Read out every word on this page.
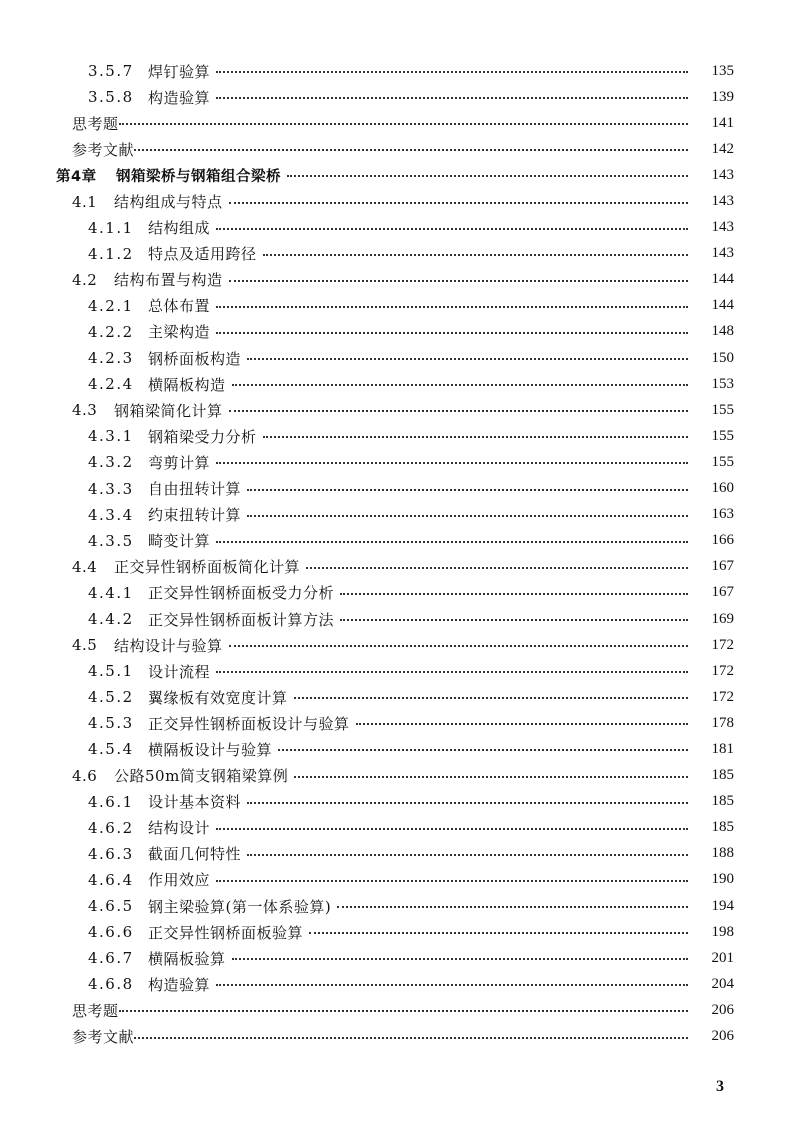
3.5.7 焊钉验算	135
3.5.8 构造验算	139
思考题	141
参考文献	142
第4章	钢箱梁桥与钢箱组合梁桥	143
4.1	结构组成与特点	143
4.1.1 结构组成	143
4.1.2 特点及适用跨径	143
4.2	结构布置与构造	144
4.2.1 总体布置	144
4.2.2 主梁构造	148
4.2.3 钢桥面板构造	150
4.2.4 横隔板构造	153
4.3	钢箱梁简化计算	155
4.3.1 钢箱梁受力分析	155
4.3.2 弯剪计算	155
4.3.3 自由扭转计算	160
4.3.4 约束扭转计算	163
4.3.5 畸变计算	166
4.4	正交异性钢桥面板简化计算	167
4.4.1 正交异性钢桥面板受力分析	167
4.4.2 正交异性钢桥面板计算方法	169
4.5	结构设计与验算	172
4.5.1 设计流程	172
4.5.2 翼缘板有效宽度计算	172
4.5.3 正交异性钢桥面板设计与验算	178
4.5.4 横隔板设计与验算	181
4.6	公路50m简支钢箱梁算例	185
4.6.1 设计基本资料	185
4.6.2 结构设计	185
4.6.3 截面几何特性	188
4.6.4 作用效应	190
4.6.5 钢主梁验算(第一体系验算)	194
4.6.6 正交异性钢桥面板验算	198
4.6.7 横隔板验算	201
4.6.8 构造验算	204
思考题	206
参考文献	206
3
